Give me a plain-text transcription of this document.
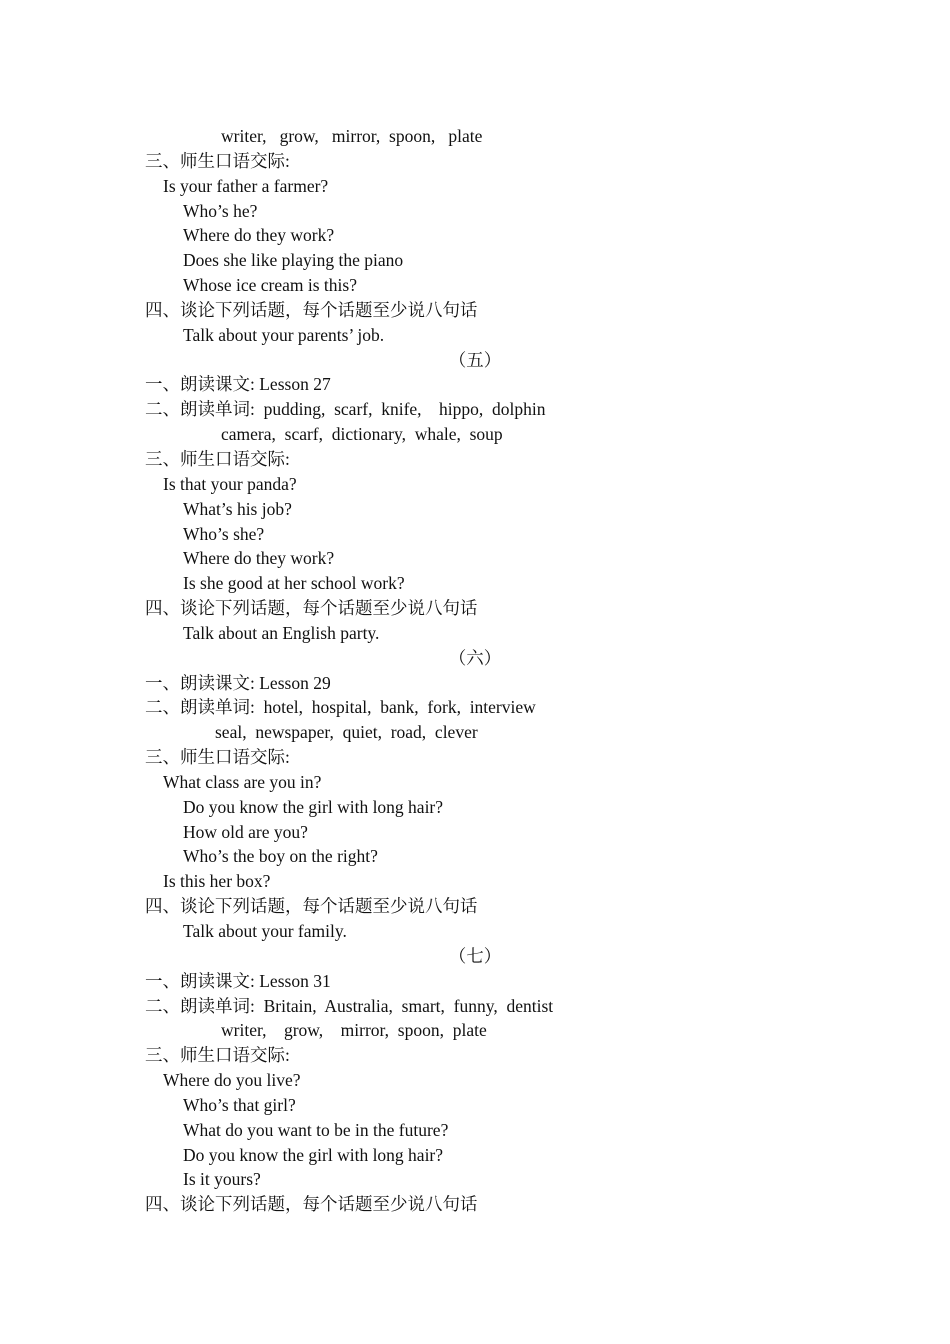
writer,   grow,   mirror,  spoon,   plate
三、师生口语交际:
Is your father a farmer?
Who’s he?
Where do they work?
Does she like playing the piano
Whose ice cream is this?
四、谈论下列话题，每个话题至少说八句话
Talk about your parents’ job.
（五）
一、朗读课文: Lesson 27
二、朗读单词:  pudding,  scarf,  knife,    hippo,  dolphin
camera,  scarf,  dictionary,  whale,  soup
三、师生口语交际:
Is that your panda?
What’s his job?
Who’s she?
Where do they work?
Is she good at her school work?
四、谈论下列话题，每个话题至少说八句话
Talk about an English party.
（六）
一、朗读课文: Lesson 29
二、朗读单词:  hotel,  hospital,  bank,  fork,  interview
seal,  newspaper,  quiet,  road,  clever
三、师生口语交际:
What class are you in?
Do you know the girl with long hair?
How old are you?
Who’s the boy on the right?
Is this her box?
四、谈论下列话题，每个话题至少说八句话
Talk about your family.
（七）
一、朗读课文: Lesson 31
二、朗读单词:  Britain,  Australia,  smart,  funny,  dentist
writer,    grow,    mirror,  spoon,  plate
三、师生口语交际:
Where do you live?
Who’s that girl?
What do you want to be in the future?
Do you know the girl with long hair?
Is it yours?
四、谈论下列话题，每个话题至少说八句话
